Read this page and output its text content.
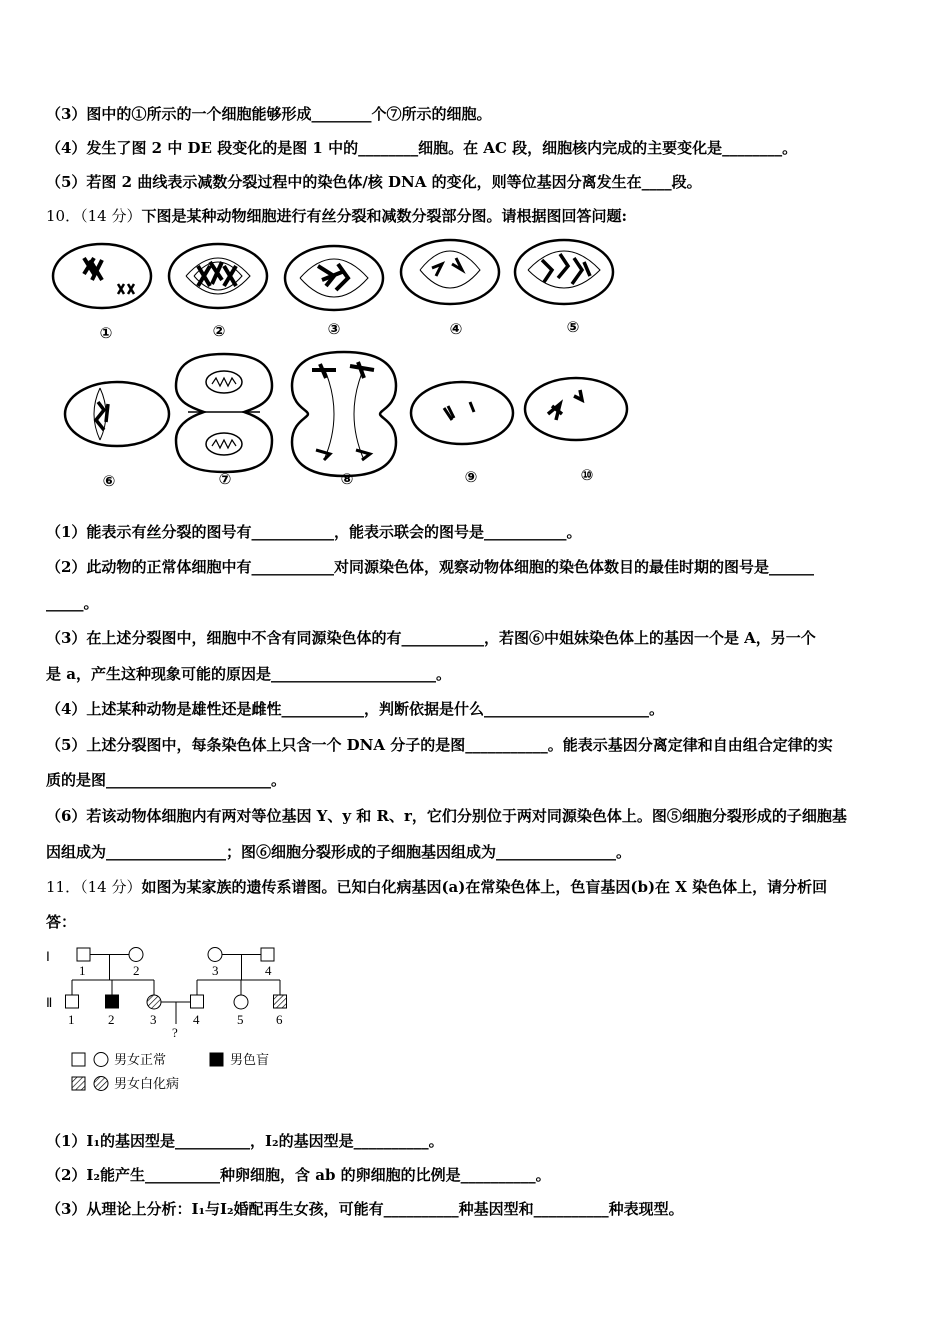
（3）图中的①所示的一个细胞能够形成________个⑦所示的细胞。
（4）发生了图 2 中 DE 段变化的是图 1 中的________细胞。在 AC 段，细胞核内完成的主要变化是________。
（5）若图 2 曲线表示减数分裂过程中的染色体/核 DNA 的变化，则等位基因分离发生在____段。
10．（14 分）下图是某种动物细胞进行有丝分裂和减数分裂部分图。请根据图回答问题:
①	②	③	④	⑤
⑥	⑦	⑧	⑨	⑩
（1）能表示有丝分裂的图号有___________，能表示联会的图号是___________。
（2）此动物的正常体细胞中有___________对同源染色体，观察动物体细胞的染色体数目的最佳时期的图号是______
_____。
（3）在上述分裂图中，细胞中不含有同源染色体的有___________，若图⑥中姐妹染色体上的基因一个是 A，另一个
是 a，产生这种现象可能的原因是______________________。
（4）上述某种动物是雄性还是雌性___________，判断依据是什么______________________。
（5）上述分裂图中，每条染色体上只含一个 DNA 分子的是图___________。能表示基因分离定律和自由组合定律的实
质的是图______________________。
（6）若该动物体细胞内有两对等位基因 Y、y 和 R、r，它们分别位于两对同源染色体上。图⑤细胞分裂形成的子细胞基
因组成为________________；图⑥细胞分裂形成的子细胞基因组成为________________。
11．（14 分）如图为某家族的遗传系谱图。已知白化病基因(a)在常染色体上，色盲基因(b)在 X 染色体上，请分析回
答：
Ⅰ
Ⅱ
1	2	3	4
?
1	2	3	4	5	6
男女正常	男色盲
男女白化病
（1）Ⅰ₁的基因型是__________，Ⅰ₂的基因型是__________。
（2）Ⅰ₂能产生__________种卵细胞，含 ab 的卵细胞的比例是__________。
（3）从理论上分析：Ⅰ₁与Ⅰ₂婚配再生女孩，可能有__________种基因型和__________种表现型。
